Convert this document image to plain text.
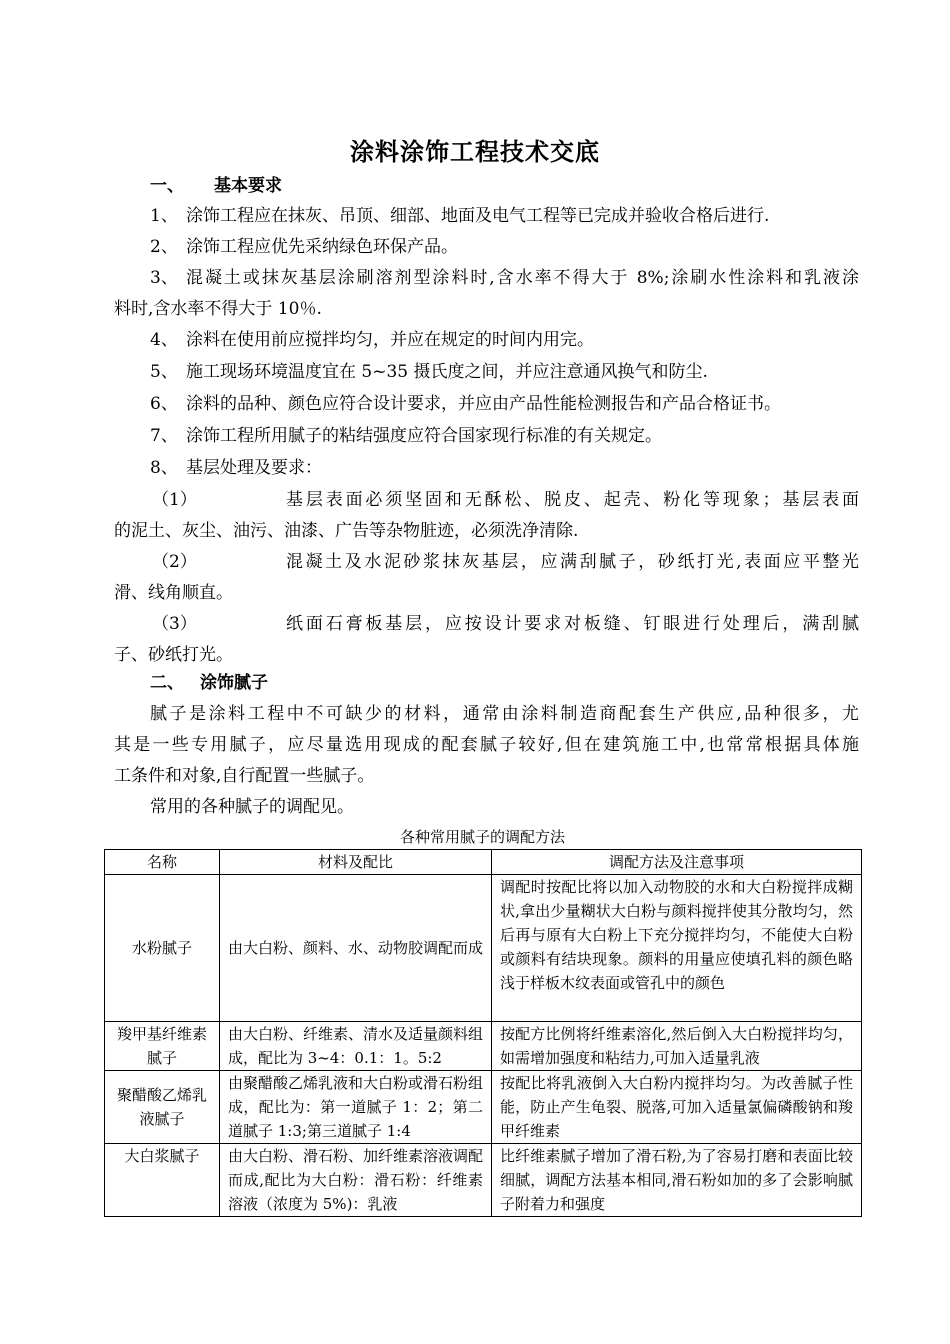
涂料涂饰工程技术交底
一、 基本要求
1、 涂饰工程应在抹灰、吊顶、细部、地面及电气工程等已完成并验收合格后进行.
2、 涂饰工程应优先采纳绿色环保产品。
3、 混凝土或抹灰基层涂刷溶剂型涂料时,含水率不得大于 8%;涂刷水性涂料和乳液涂
料时,含水率不得大于 10％.
4、 涂料在使用前应搅拌均匀，并应在规定的时间内用完。
5、 施工现场环境温度宜在 5~35 摄氏度之间，并应注意通风换气和防尘.
6、 涂料的品种、颜色应符合设计要求，并应由产品性能检测报告和产品合格证书。
7、 涂饰工程所用腻子的粘结强度应符合国家现行标准的有关规定。
8、 基层处理及要求：
（1）	基层表面必须坚固和无酥松、脱皮、起壳、粉化等现象；基层表面
的泥土、灰尘、油污、油漆、广告等杂物脏迹，必须洗净清除.
（2）	混凝土及水泥砂浆抹灰基层，应满刮腻子，砂纸打光,表面应平整光
滑、线角顺直。
（3）	纸面石膏板基层，应按设计要求对板缝、钉眼进行处理后，满刮腻
子、砂纸打光。
二、 涂饰腻子
腻子是涂料工程中不可缺少的材料，通常由涂料制造商配套生产供应,品种很多，尤
其是一些专用腻子，应尽量选用现成的配套腻子较好,但在建筑施工中,也常常根据具体施
工条件和对象,自行配置一些腻子。
常用的各种腻子的调配见。
各种常用腻子的调配方法
名称	材料及配比	调配方法及注意事项
水粉腻子	由大白粉、颜料、水、动物胶调配而成	调配时按配比将以加入动物胶的水和大白粉搅拌成糊状,拿出少量糊状大白粉与颜料搅拌使其分散均匀，然后再与原有大白粉上下充分搅拌均匀，不能使大白粉或颜料有结块现象。颜料的用量应使填孔料的颜色略浅于样板木纹表面或管孔中的颜色
羧甲基纤维素腻子	由大白粉、纤维素、清水及适量颜料组成，配比为 3~4：0.1：1。5:2	按配方比例将纤维素溶化,然后倒入大白粉搅拌均匀，如需增加强度和粘结力,可加入适量乳液
聚醋酸乙烯乳液腻子	由聚醋酸乙烯乳液和大白粉或滑石粉组成，配比为：第一道腻子 1：2；第二道腻子 1:3;第三道腻子 1:4	按配比将乳液倒入大白粉内搅拌均匀。为改善腻子性能，防止产生龟裂、脱落,可加入适量氯偏磷酸钠和羧甲纤维素
大白浆腻子	由大白粉、滑石粉、加纤维素溶液调配而成,配比为大白粉：滑石粉：纤维素溶液（浓度为 5%)：乳液	比纤维素腻子增加了滑石粉,为了容易打磨和表面比较细腻，调配方法基本相同,滑石粉如加的多了会影响腻子附着力和强度
